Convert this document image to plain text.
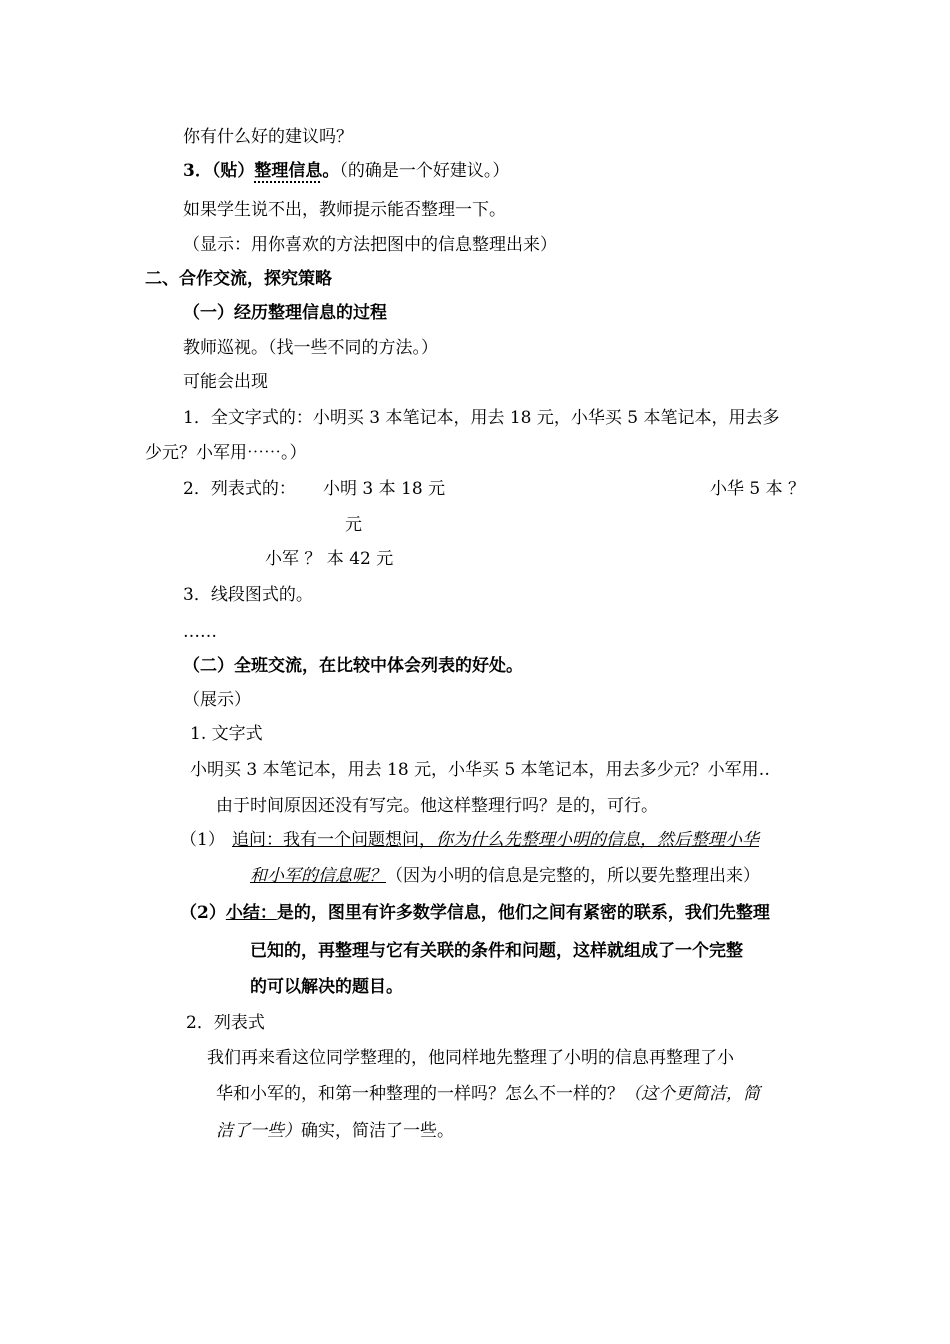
你有什么好的建议吗？
3．（贴）整理信息。（的确是一个好建议。）
如果学生说不出，教师提示能否整理一下。
（显示：用你喜欢的方法把图中的信息整理出来）
二、合作交流，探究策略
（一）经历整理信息的过程
教师巡视。（找一些不同的方法。）
可能会出现
1．全文字式的：小明买 3 本笔记本，用去 18 元，小华买 5 本笔记本，用去多
少元？小军用⋯⋯。）
2．列表式的： 小明 3 本 18 元	小华 5 本 ？
元
小军 ？ 本 42 元
3．线段图式的。
……
（二）全班交流，在比较中体会列表的好处。
（展示）
1. 文字式
小明买 3 本笔记本，用去 18 元，小华买 5 本笔记本，用去多少元？小军用‥
由于时间原因还没有写完。他这样整理行吗？是的，可行。
（1） 追问：我有一个问题想问，你为什么先整理小明的信息，然后整理小华
和小军的信息呢？（因为小明的信息是完整的，所以要先整理出来）
（2）小结：是的，图里有许多数学信息，他们之间有紧密的联系，我们先整理
已知的，再整理与它有关联的条件和问题，这样就组成了一个完整
的可以解决的题目。
2．列表式
我们再来看这位同学整理的，他同样地先整理了小明的信息再整理了小
华和小军的，和第一种整理的一样吗？怎么不一样的？（这个更简洁，简
洁了一些）确实，简洁了一些。
